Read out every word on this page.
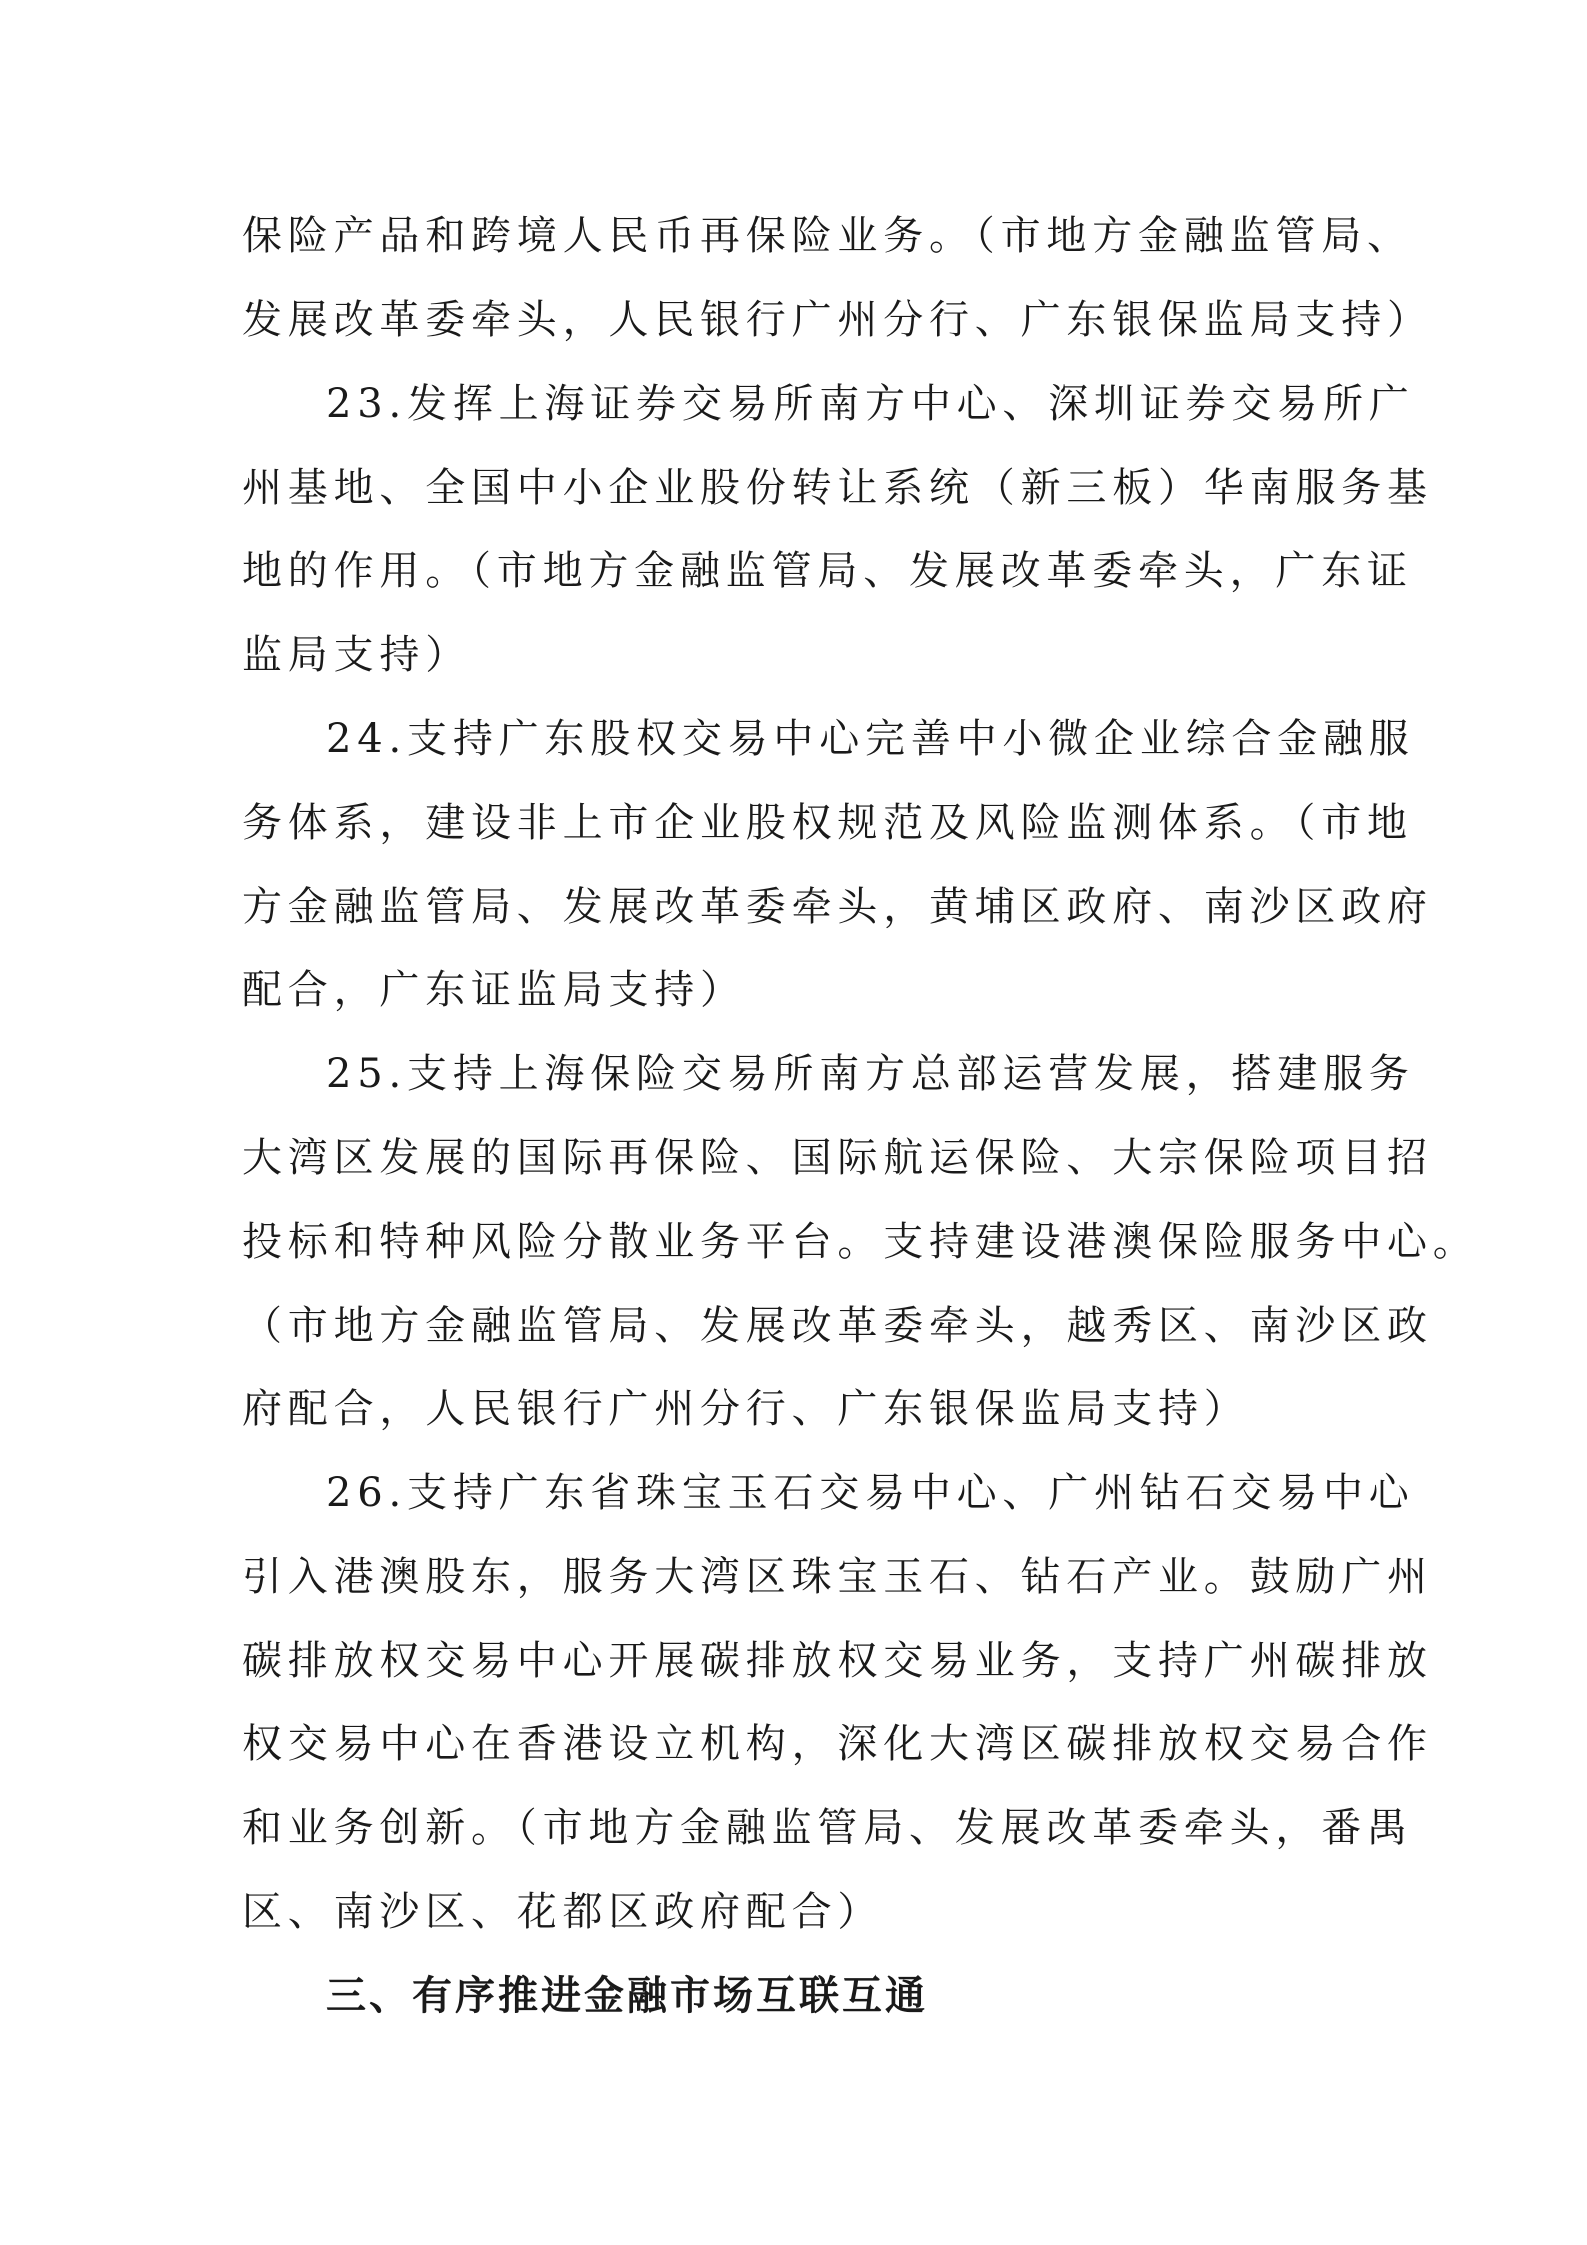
保险产品和跨境人民币再保险业务。（市地方金融监管局、
发展改革委牵头，人民银行广州分行、广东银保监局支持）
23.发挥上海证券交易所南方中心、深圳证券交易所广
州基地、全国中小企业股份转让系统（新三板）华南服务基
地的作用。（市地方金融监管局、发展改革委牵头，广东证
监局支持）
24.支持广东股权交易中心完善中小微企业综合金融服
务体系，建设非上市企业股权规范及风险监测体系。（市地
方金融监管局、发展改革委牵头，黄埔区政府、南沙区政府
配合，广东证监局支持）
25.支持上海保险交易所南方总部运营发展，搭建服务
大湾区发展的国际再保险、国际航运保险、大宗保险项目招
投标和特种风险分散业务平台。支持建设港澳保险服务中心。
（市地方金融监管局、发展改革委牵头，越秀区、南沙区政
府配合，人民银行广州分行、广东银保监局支持）
26.支持广东省珠宝玉石交易中心、广州钻石交易中心
引入港澳股东，服务大湾区珠宝玉石、钻石产业。鼓励广州
碳排放权交易中心开展碳排放权交易业务，支持广州碳排放
权交易中心在香港设立机构，深化大湾区碳排放权交易合作
和业务创新。（市地方金融监管局、发展改革委牵头，番禺
区、南沙区、花都区政府配合）
三、有序推进金融市场互联互通
